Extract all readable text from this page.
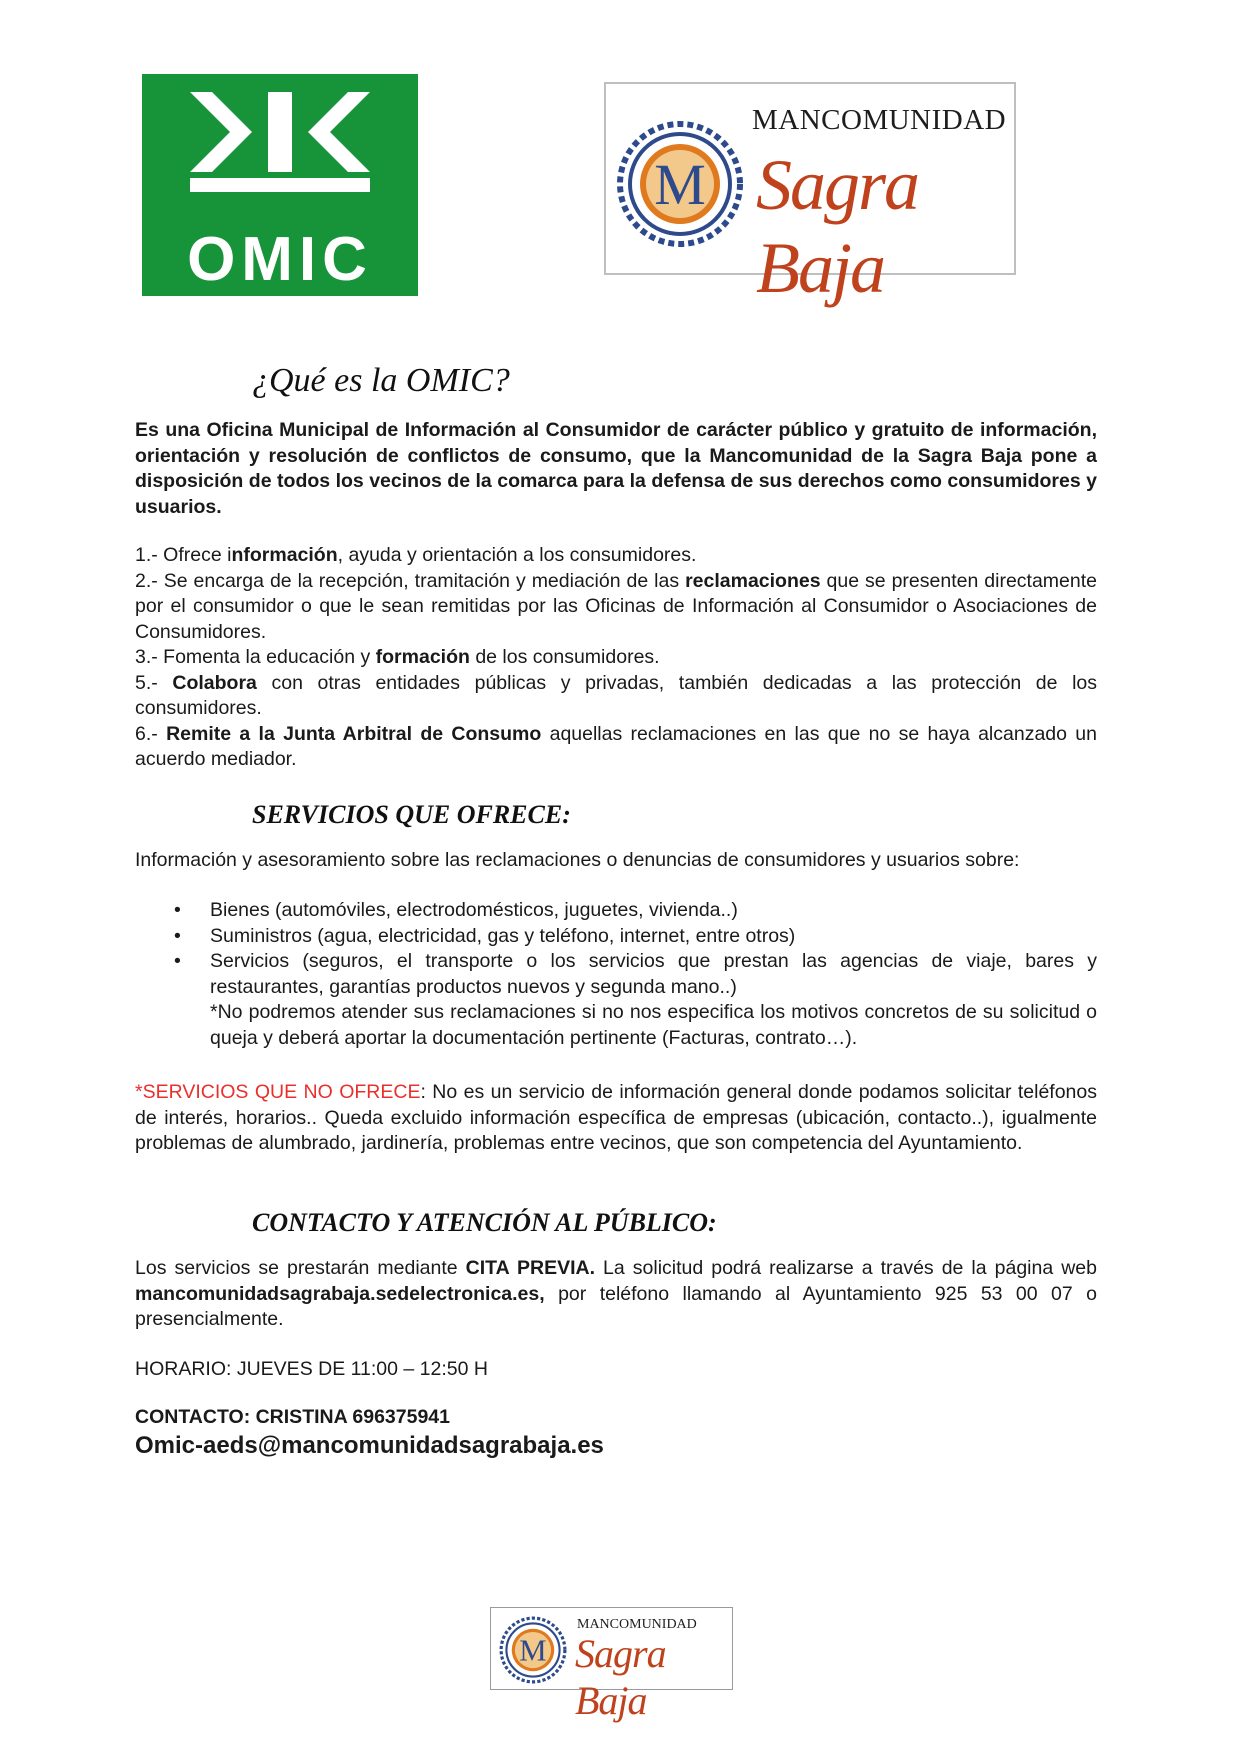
OMIC
M
MANCOMUNIDAD
Sagra Baja
¿Qué es la OMIC?
Es una Oficina Municipal de Información al Consumidor de carácter público y gratuito de información, orientación y resolución de conflictos de consumo, que la Mancomunidad de la Sagra Baja pone a disposición de todos los vecinos de la comarca para la defensa de sus derechos como consumidores y usuarios.
1.- Ofrece información, ayuda y orientación a los consumidores.
2.- Se encarga de la recepción, tramitación y mediación de las reclamaciones que se presenten directamente por el consumidor o que le sean remitidas por las Oficinas de Información al Consumidor o Asociaciones de Consumidores.
3.- Fomenta la educación y formación de los consumidores.
5.- Colabora con otras entidades públicas y privadas, también dedicadas a las protección de los consumidores.
6.- Remite a la Junta Arbitral de Consumo aquellas reclamaciones en las que no se haya alcanzado un acuerdo mediador.
SERVICIOS QUE OFRECE:
Información y asesoramiento sobre las reclamaciones o denuncias de consumidores y usuarios sobre:
• Bienes (automóviles, electrodomésticos, juguetes, vivienda..)
• Suministros (agua, electricidad, gas y teléfono, internet, entre otros)
• Servicios (seguros, el transporte o los servicios que prestan las agencias de viaje, bares y restaurantes, garantías productos nuevos y segunda mano..)
*No podremos atender sus reclamaciones si no nos especifica los motivos concretos de su solicitud o queja y deberá aportar la documentación pertinente (Facturas, contrato…).
*SERVICIOS QUE NO OFRECE: No es un servicio de información general donde podamos solicitar teléfonos de interés, horarios.. Queda excluido información específica de empresas (ubicación, contacto..), igualmente problemas de alumbrado, jardinería, problemas entre vecinos, que son competencia del Ayuntamiento.
CONTACTO Y ATENCIÓN AL PÚBLICO:
Los servicios se prestarán mediante CITA PREVIA. La solicitud podrá realizarse a través de la página web mancomunidadsagrabaja.sedelectronica.es, por teléfono llamando al Ayuntamiento 925 53 00 07 o presencialmente.
HORARIO: JUEVES DE 11:00 – 12:50 H
CONTACTO: CRISTINA 696375941
Omic-aeds@mancomunidadsagrabaja.es
M
MANCOMUNIDAD
Sagra Baja
